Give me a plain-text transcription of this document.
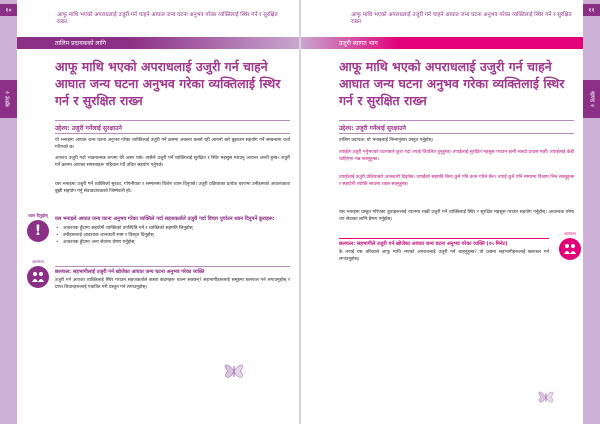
१०
खण्ड २
११
खण्ड २
आफू माथि भएको अपराधलाई उजुरी गर्न चाहने आघात जन्य घटना अनुभव गरेका व्यक्तिलाई स्थिर गर्न र सुरक्षित राख्न
तालिम प्रदायकको लागि
आफू माथि भएको अपराधलाई उजुरी गर्न चाहने आघात जन्य घटना अनुभव गरेका व्यक्तिलाई स्थिर गर्न र सुरक्षित राख्न
उद्देश्य: उजुरी गर्नेलाई सुरक्षाउने
यो भनाइमा आघात जन्य घटना अनुभव गरेका व्यक्तिलाई उजुरी गर्ने क्रममा अवस्था कस्तो रही आफ्नो बारे बुझाउन सहयोग गर्ने सम्बन्धमा चर्चा गरिएको छ।
अपराध उजुरी गर्दा भावनात्मक रूपमा धेरै असर पर्छ। त्यसैले उजुरी गर्ने व्यक्तिलाई सुरक्षित र स्थिर महसुस गराउनु अत्यन्त जरुरी हुन्छ। उजुरी गर्ने क्रममा आएका समस्याहरू पहिचान गर्दै उचित सहयोग गर्नुपर्छ।
यस भनाइमा उजुरी गर्ने व्यक्तिको सुरक्षा, गोपनीयता र सम्मानमा विशेष ध्यान दिनुपर्छ। उजुरी प्रक्रियाका प्रत्येक चरणमा उनीहरूको आवश्यकता बुझी सहयोग गर्नु सेवाप्रदायकको जिम्मेवारी हो।
ध्यान दिनुहोस्
!
यस भनाइले आघात जन्य घटना अनुभव गरेका व्यक्तिले गर्दा सहजकर्ताले उजुरी गर्दा विचार पुर्याउन ध्यान दिनुपर्ने कुराहरू:
• आवश्यक हुँदामा सहयोगी व्यक्तिको उपस्थिति गर्ने र व्यक्तिको सहमति लिनुहोस्
• उनीहरूलाई आवश्यक जानकारी स्पष्ट र विस्तृत दिनुहोस्
• आवश्यक हुँदामा अन्य सेवामा प्रेषण गर्नुहोस्
छलफल
छलफल: सहभागीलाई उजुरी गर्न खोजेका आघात जन्य घटना अनुभव गरेका व्यक्ति
उजुरी गर्न आएका व्यक्तिलाई स्थिर गराउन सहजकर्ताले कस्ता कदमहरू चाल्न सक्छन्? सहभागीहरूलाई समूहमा छलफल गर्न लगाउनुहोस् र प्राप्त विचारहरूलाई एकत्रित गरी प्रस्तुत गर्न लगाउनुहोस्।
आफू माथि भएको अपराधलाई उजुरी गर्न चाहने आघात जन्य घटना अनुभव गरेका व्यक्तिलाई स्थिर गर्न र सुरक्षित राख्न
उजुरी स्वागत भाग
आफू माथि भएको अपराधलाई उजुरी गर्न चाहने आघात जन्य घटना अनुभव गरेका व्यक्तिलाई स्थिर गर्न र सुरक्षित राख्न
उद्देश्य: उजुरी गर्नेलाई सुरक्षाउने
तालिम प्रदायक: यो भनाइलाई निम्नानुसार प्रस्तुत गर्नुहोस्।
तपाईंले उजुरी गर्नुभएको घटनाबारे कुरा गर्दा तपाईं विचलित हुनुहुन्छ। तपाईंलाई सुरक्षित महसुस गराउन हामी सक्दो प्रयास गर्छौं। तपाईंलाई केही चाहिएमा भन्न सक्नुहुन्छ।
तपाईंलाई उजुरी प्रक्रियाबारे जानकारी दिइनेछ। तपाईंको सहमति बिना कुनै पनि काम गरिने छैन। तपाईं कुनै पनि समयमा विश्राम लिन सक्नुहुन्छ र सहयोगी व्यक्ति साथमा राख्न सक्नुहुन्छ।
यस भनाइमा प्रस्तुत गरिएका कुराहरूलाई ध्यानमा राखी उजुरी गर्ने व्यक्तिलाई स्थिर र सुरक्षित महसुस गराउन सहयोग गर्नुहोस्। आवश्यक परेमा थप सेवाका लागि प्रेषण गर्नुहोस्।
छलफल
छलफल: सहभागीले उजुरी गर्न खोजेका आघात जन्य घटना अनुभव गरेका व्यक्ति (१५ मिनेट)
के तपाईं यस तरिकाले आफू माथि भएको अपराधलाई उजुरी गर्न चाहनुहुन्छ? यो प्रश्नमा सहभागीहरूलाई छलफल गर्न लगाउनुहोस्।
